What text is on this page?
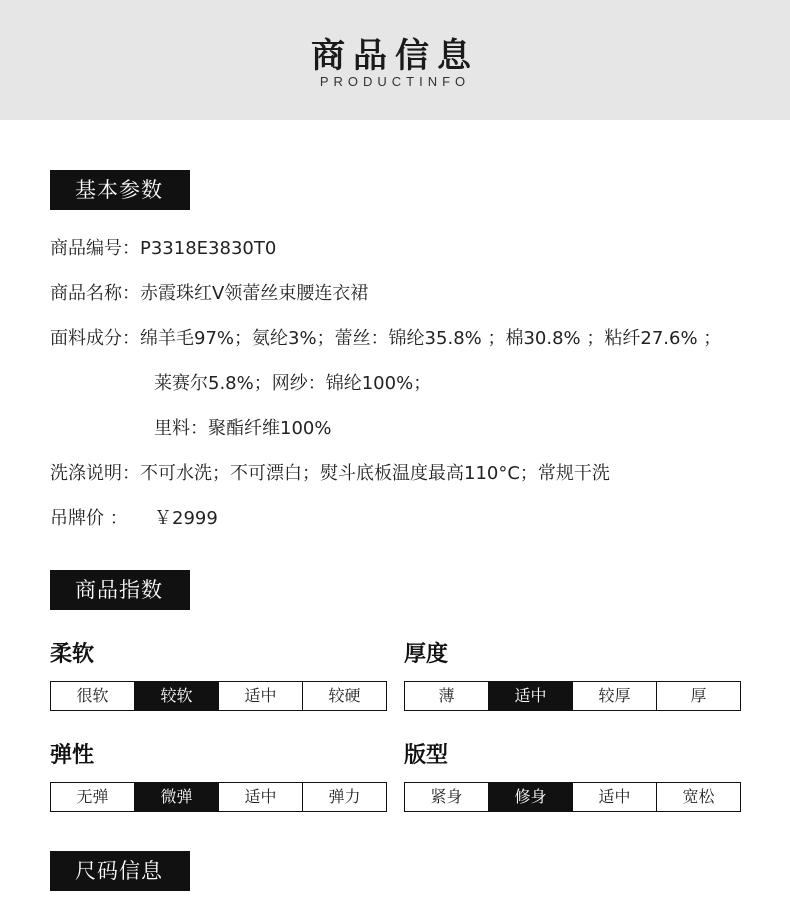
商品信息
PRODUCTINFO
基本参数
商品编号：P3318E3830T0
商品名称：赤霞珠红V领蕾丝束腰连衣裙
面料成分：绵羊毛97%；氨纶3%；蕾丝：锦纶35.8% ；棉30.8% ；粘纤27.6% ；
莱赛尔5.8%；网纱：锦纶100%；
里料：聚酯纤维100%
洗涤说明：不可水洗；不可漂白；熨斗底板温度最高110°C；常规干洗
吊牌价 ： ￥2999
商品指数
柔软
很软	较软	适中	较硬
厚度
薄	适中	较厚	厚
弹性
无弹	微弹	适中	弹力
版型
紧身	修身	适中	宽松
尺码信息
